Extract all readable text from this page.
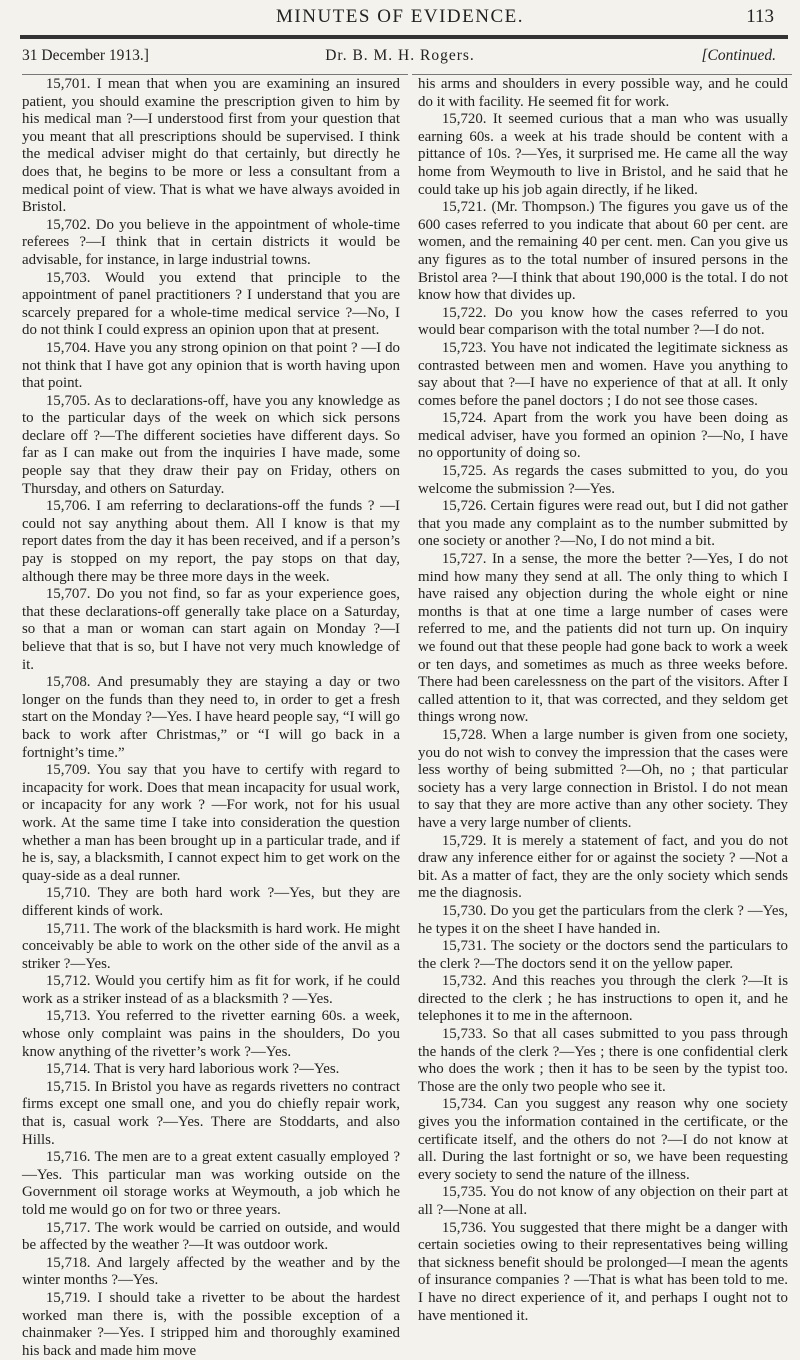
MINUTES OF EVIDENCE.	113
31 December 1913.]	Dr. B. M. H. Rogers.	[Continued.

15,701. I mean that when you are examining an insured patient, you should examine the prescription given to him by his medical man ?—I understood first from your question that you meant that all prescriptions should be supervised. I think the medical adviser might do that certainly, but directly he does that, he begins to be more or less a consultant from a medical point of view. That is what we have always avoided in Bristol.

15,702. Do you believe in the appointment of whole-time referees ?—I think that in certain districts it would be advisable, for instance, in large industrial towns.

15,703. Would you extend that principle to the appointment of panel practitioners ? I understand that you are scarcely prepared for a whole-time medical service ?—No, I do not think I could express an opinion upon that at present.

15,704. Have you any strong opinion on that point ? —I do not think that I have got any opinion that is worth having upon that point.

15,705. As to declarations-off, have you any knowledge as to the particular days of the week on which sick persons declare off ?—The different societies have different days. So far as I can make out from the inquiries I have made, some people say that they draw their pay on Friday, others on Thursday, and others on Saturday.

15,706. I am referring to declarations-off the funds ? —I could not say anything about them. All I know is that my report dates from the day it has been received, and if a person’s pay is stopped on my report, the pay stops on that day, although there may be three more days in the week.

15,707. Do you not find, so far as your experience goes, that these declarations-off generally take place on a Saturday, so that a man or woman can start again on Monday ?—I believe that that is so, but I have not very much knowledge of it.

15,708. And presumably they are staying a day or two longer on the funds than they need to, in order to get a fresh start on the Monday ?—Yes. I have heard people say, “I will go back to work after Christmas,” or “I will go back in a fortnight’s time.”

15,709. You say that you have to certify with regard to incapacity for work. Does that mean incapacity for usual work, or incapacity for any work ? —For work, not for his usual work. At the same time I take into consideration the question whether a man has been brought up in a particular trade, and if he is, say, a blacksmith, I cannot expect him to get work on the quay-side as a deal runner.

15,710. They are both hard work ?—Yes, but they are different kinds of work.

15,711. The work of the blacksmith is hard work. He might conceivably be able to work on the other side of the anvil as a striker ?—Yes.

15,712. Would you certify him as fit for work, if he could work as a striker instead of as a blacksmith ? —Yes.

15,713. You referred to the rivetter earning 60s. a week, whose only complaint was pains in the shoulders, Do you know anything of the rivetter’s work ?—Yes.

15,714. That is very hard laborious work ?—Yes.

15,715. In Bristol you have as regards rivetters no contract firms except one small one, and you do chiefly repair work, that is, casual work ?—Yes. There are Stoddarts, and also Hills.

15,716. The men are to a great extent casually employed ?—Yes. This particular man was working outside on the Government oil storage works at Weymouth, a job which he told me would go on for two or three years.

15,717. The work would be carried on outside, and would be affected by the weather ?—It was outdoor work.

15,718. And largely affected by the weather and by the winter months ?—Yes.

15,719. I should take a rivetter to be about the hardest worked man there is, with the possible exception of a chainmaker ?—Yes. I stripped him and thoroughly examined his back and made him move

his arms and shoulders in every possible way, and he could do it with facility. He seemed fit for work.

15,720. It seemed curious that a man who was usually earning 60s. a week at his trade should be content with a pittance of 10s. ?—Yes, it surprised me. He came all the way home from Weymouth to live in Bristol, and he said that he could take up his job again directly, if he liked.

15,721. (Mr. Thompson.) The figures you gave us of the 600 cases referred to you indicate that about 60 per cent. are women, and the remaining 40 per cent. men. Can you give us any figures as to the total number of insured persons in the Bristol area ?—I think that about 190,000 is the total. I do not know how that divides up.

15,722. Do you know how the cases referred to you would bear comparison with the total number ?—I do not.

15,723. You have not indicated the legitimate sickness as contrasted between men and women. Have you anything to say about that ?—I have no experience of that at all. It only comes before the panel doctors ; I do not see those cases.

15,724. Apart from the work you have been doing as medical adviser, have you formed an opinion ?—No, I have no opportunity of doing so.

15,725. As regards the cases submitted to you, do you welcome the submission ?—Yes.

15,726. Certain figures were read out, but I did not gather that you made any complaint as to the number submitted by one society or another ?—No, I do not mind a bit.

15,727. In a sense, the more the better ?—Yes, I do not mind how many they send at all. The only thing to which I have raised any objection during the whole eight or nine months is that at one time a large number of cases were referred to me, and the patients did not turn up. On inquiry we found out that these people had gone back to work a week or ten days, and sometimes as much as three weeks before. There had been carelessness on the part of the visitors. After I called attention to it, that was corrected, and they seldom get things wrong now.

15,728. When a large number is given from one society, you do not wish to convey the impression that the cases were less worthy of being submitted ?—Oh, no ; that particular society has a very large connection in Bristol. I do not mean to say that they are more active than any other society. They have a very large number of clients.

15,729. It is merely a statement of fact, and you do not draw any inference either for or against the society ? —Not a bit. As a matter of fact, they are the only society which sends me the diagnosis.

15,730. Do you get the particulars from the clerk ? —Yes, he types it on the sheet I have handed in.

15,731. The society or the doctors send the particulars to the clerk ?—The doctors send it on the yellow paper.

15,732. And this reaches you through the clerk ?—It is directed to the clerk ; he has instructions to open it, and he telephones it to me in the afternoon.

15,733. So that all cases submitted to you pass through the hands of the clerk ?—Yes ; there is one confidential clerk who does the work ; then it has to be seen by the typist too. Those are the only two people who see it.

15,734. Can you suggest any reason why one society gives you the information contained in the certificate, or the certificate itself, and the others do not ?—I do not know at all. During the last fortnight or so, we have been requesting every society to send the nature of the illness.

15,735. You do not know of any objection on their part at all ?—None at all.

15,736. You suggested that there might be a danger with certain societies owing to their representatives being willing that sickness benefit should be prolonged—I mean the agents of insurance companies ? —That is what has been told to me. I have no direct experience of it, and perhaps I ought not to have mentioned it.
